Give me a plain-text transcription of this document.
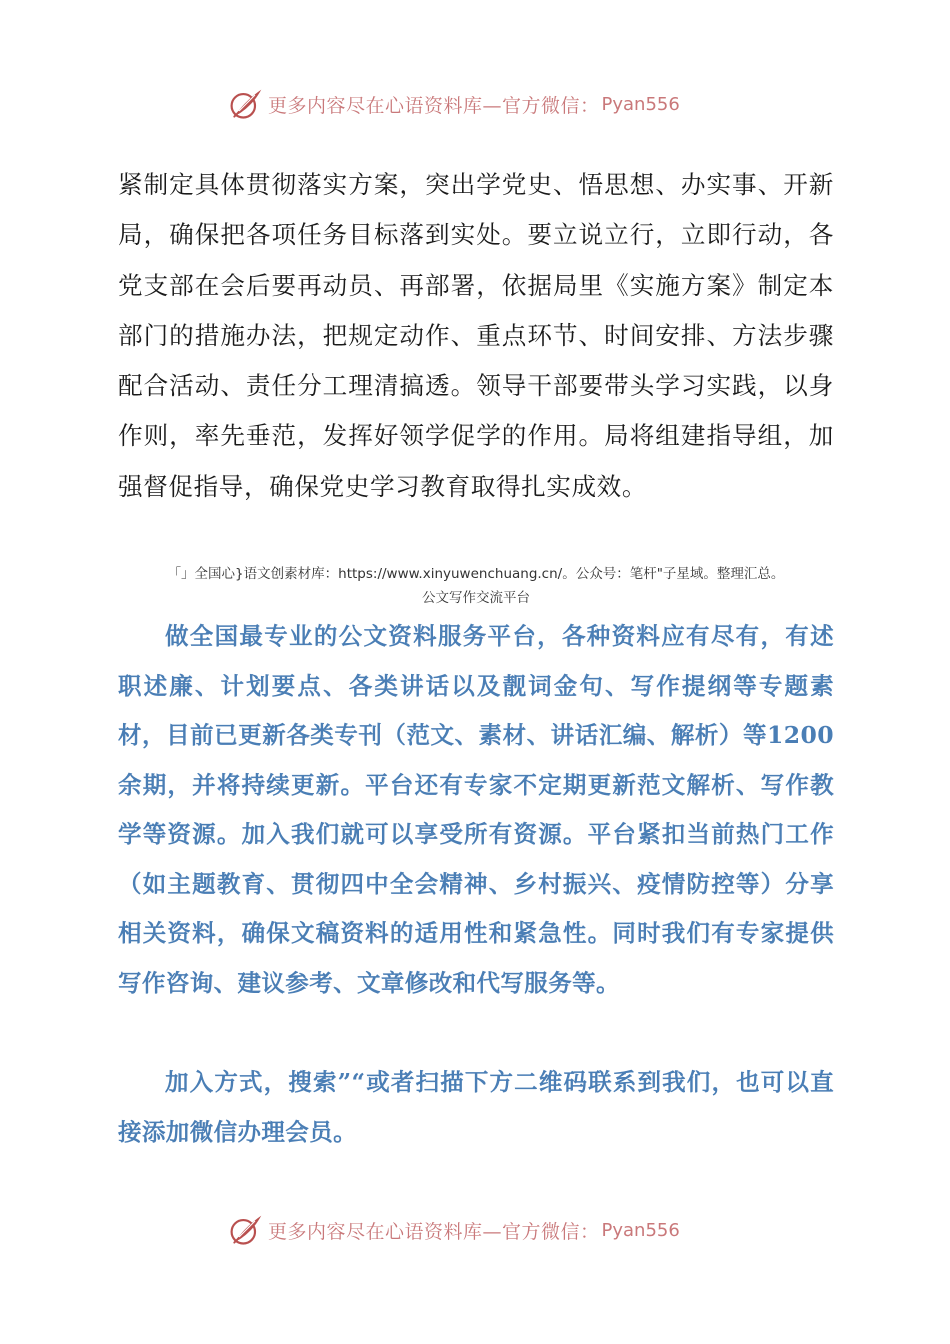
更多内容尽在心语资料库—官方微信： Pyan556

紧制定具体贯彻落实方案，突出学党史、悟思想、办实事、开新局，确保把各项任务目标落到实处。要立说立行，立即行动，各党支部在会后要再动员、再部署，依据局里《实施方案》制定本部门的措施办法，把规定动作、重点环节、时间安排、方法步骤配合活动、责任分工理清搞透。领导干部要带头学习实践，以身作则，率先垂范，发挥好领学促学的作用。局将组建指导组，加强督促指导，确保党史学习教育取得扎实成效。

「」全国心}语文创素材库：https://www.xinyuwenchuang.cn/。公众号：笔杆"子星域。整理汇总。
公文写作交流平台

做全国最专业的公文资料服务平台，各种资料应有尽有，有述职述廉、计划要点、各类讲话以及靓词金句、写作提纲等专题素材，目前已更新各类专刊（范文、素材、讲话汇编、解析）等1200余期，并将持续更新。平台还有专家不定期更新范文解析、写作教学等资源。加入我们就可以享受所有资源。平台紧扣当前热门工作（如主题教育、贯彻四中全会精神、乡村振兴、疫情防控等）分享相关资料，确保文稿资料的适用性和紧急性。同时我们有专家提供写作咨询、建议参考、文章修改和代写服务等。

加入方式，搜索”“或者扫描下方二维码联系到我们，也可以直接添加微信办理会员。

更多内容尽在心语资料库—官方微信： Pyan556
